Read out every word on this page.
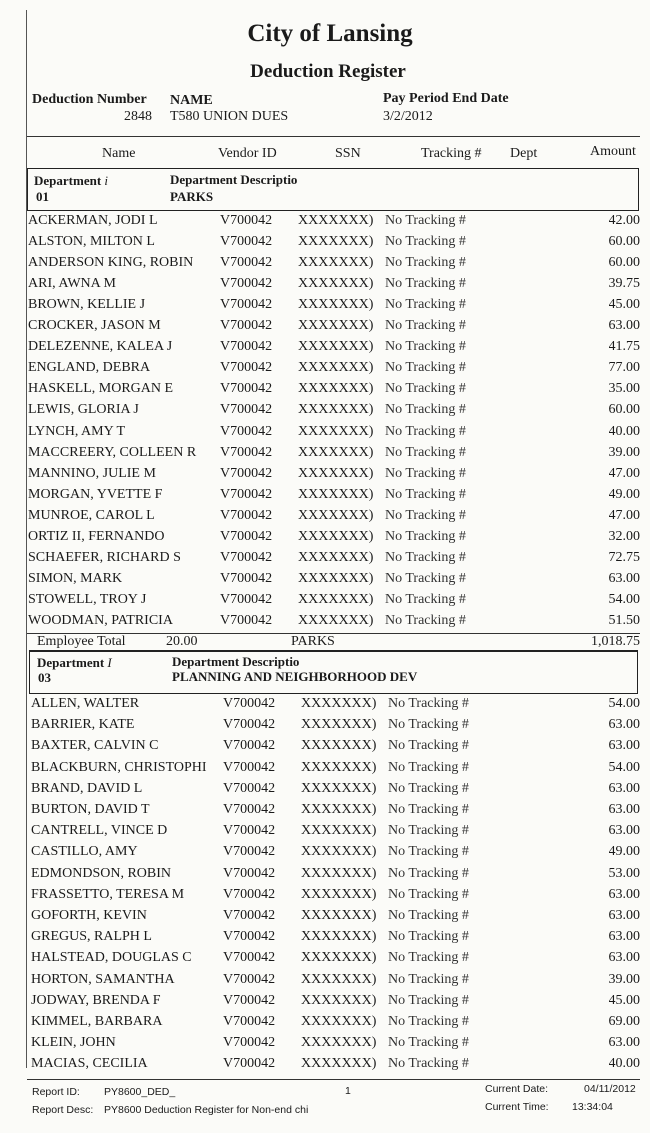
City of Lansing
Deduction Register
Deduction Number
2848
NAME
T580 UNION DUES
Pay Period End Date
3/2/2012
Name	Vendor ID	SSN	Tracking # Dept	Amount
Department i	Department Descriptio
01	PARKS
ACKERMAN, JODI L	V700042 XXXXXXX) No Tracking #	42.00
ALSTON, MILTON L	V700042 XXXXXXX) No Tracking #	60.00
ANDERSON KING, ROBIN	V700042 XXXXXXX) No Tracking #	60.00
ARI, AWNA M	V700042 XXXXXXX) No Tracking #	39.75
BROWN, KELLIE J	V700042 XXXXXXX) No Tracking #	45.00
CROCKER, JASON M	V700042 XXXXXXX) No Tracking #	63.00
DELEZENNE, KALEA J	V700042 XXXXXXX) No Tracking #	41.75
ENGLAND, DEBRA	V700042 XXXXXXX) No Tracking #	77.00
HASKELL, MORGAN E	V700042 XXXXXXX) No Tracking #	35.00
LEWIS, GLORIA J	V700042 XXXXXXX) No Tracking #	60.00
LYNCH, AMY T	V700042 XXXXXXX) No Tracking #	40.00
MACCREERY, COLLEEN R	V700042 XXXXXXX) No Tracking #	39.00
MANNINO, JULIE M	V700042 XXXXXXX) No Tracking #	47.00
MORGAN, YVETTE F	V700042 XXXXXXX) No Tracking #	49.00
MUNROE, CAROL L	V700042 XXXXXXX) No Tracking #	47.00
ORTIZ II, FERNANDO	V700042 XXXXXXX) No Tracking #	32.00
SCHAEFER, RICHARD S	V700042 XXXXXXX) No Tracking #	72.75
SIMON, MARK	V700042 XXXXXXX) No Tracking #	63.00
STOWELL, TROY J	V700042 XXXXXXX) No Tracking #	54.00
WOODMAN, PATRICIA	V700042 XXXXXXX) No Tracking #	51.50
Employee Total	20.00	PARKS	1,018.75
Department I	Department Descriptio
03	PLANNING AND NEIGHBORHOOD DEV
ALLEN, WALTER	V700042 XXXXXXX) No Tracking #	54.00
BARRIER, KATE	V700042 XXXXXXX) No Tracking #	63.00
BAXTER, CALVIN C	V700042 XXXXXXX) No Tracking #	63.00
BLACKBURN, CHRISTOPHI	V700042 XXXXXXX) No Tracking #	54.00
BRAND, DAVID L	V700042 XXXXXXX) No Tracking #	63.00
BURTON, DAVID T	V700042 XXXXXXX) No Tracking #	63.00
CANTRELL, VINCE D	V700042 XXXXXXX) No Tracking #	63.00
CASTILLO, AMY	V700042 XXXXXXX) No Tracking #	49.00
EDMONDSON, ROBIN	V700042 XXXXXXX) No Tracking #	53.00
FRASSETTO, TERESA M	V700042 XXXXXXX) No Tracking #	63.00
GOFORTH, KEVIN	V700042 XXXXXXX) No Tracking #	63.00
GREGUS, RALPH L	V700042 XXXXXXX) No Tracking #	63.00
HALSTEAD, DOUGLAS C	V700042 XXXXXXX) No Tracking #	63.00
HORTON, SAMANTHA	V700042 XXXXXXX) No Tracking #	39.00
JODWAY, BRENDA F	V700042 XXXXXXX) No Tracking #	45.00
KIMMEL, BARBARA	V700042 XXXXXXX) No Tracking #	69.00
KLEIN, JOHN	V700042 XXXXXXX) No Tracking #	63.00
MACIAS, CECILIA	V700042 XXXXXXX) No Tracking #	40.00
Report ID: PY8600_DED_	1
Report Desc: PY8600 Deduction Register for Non-end chi
Current Date:	04/11/2012
Current Time: 13:34:04
